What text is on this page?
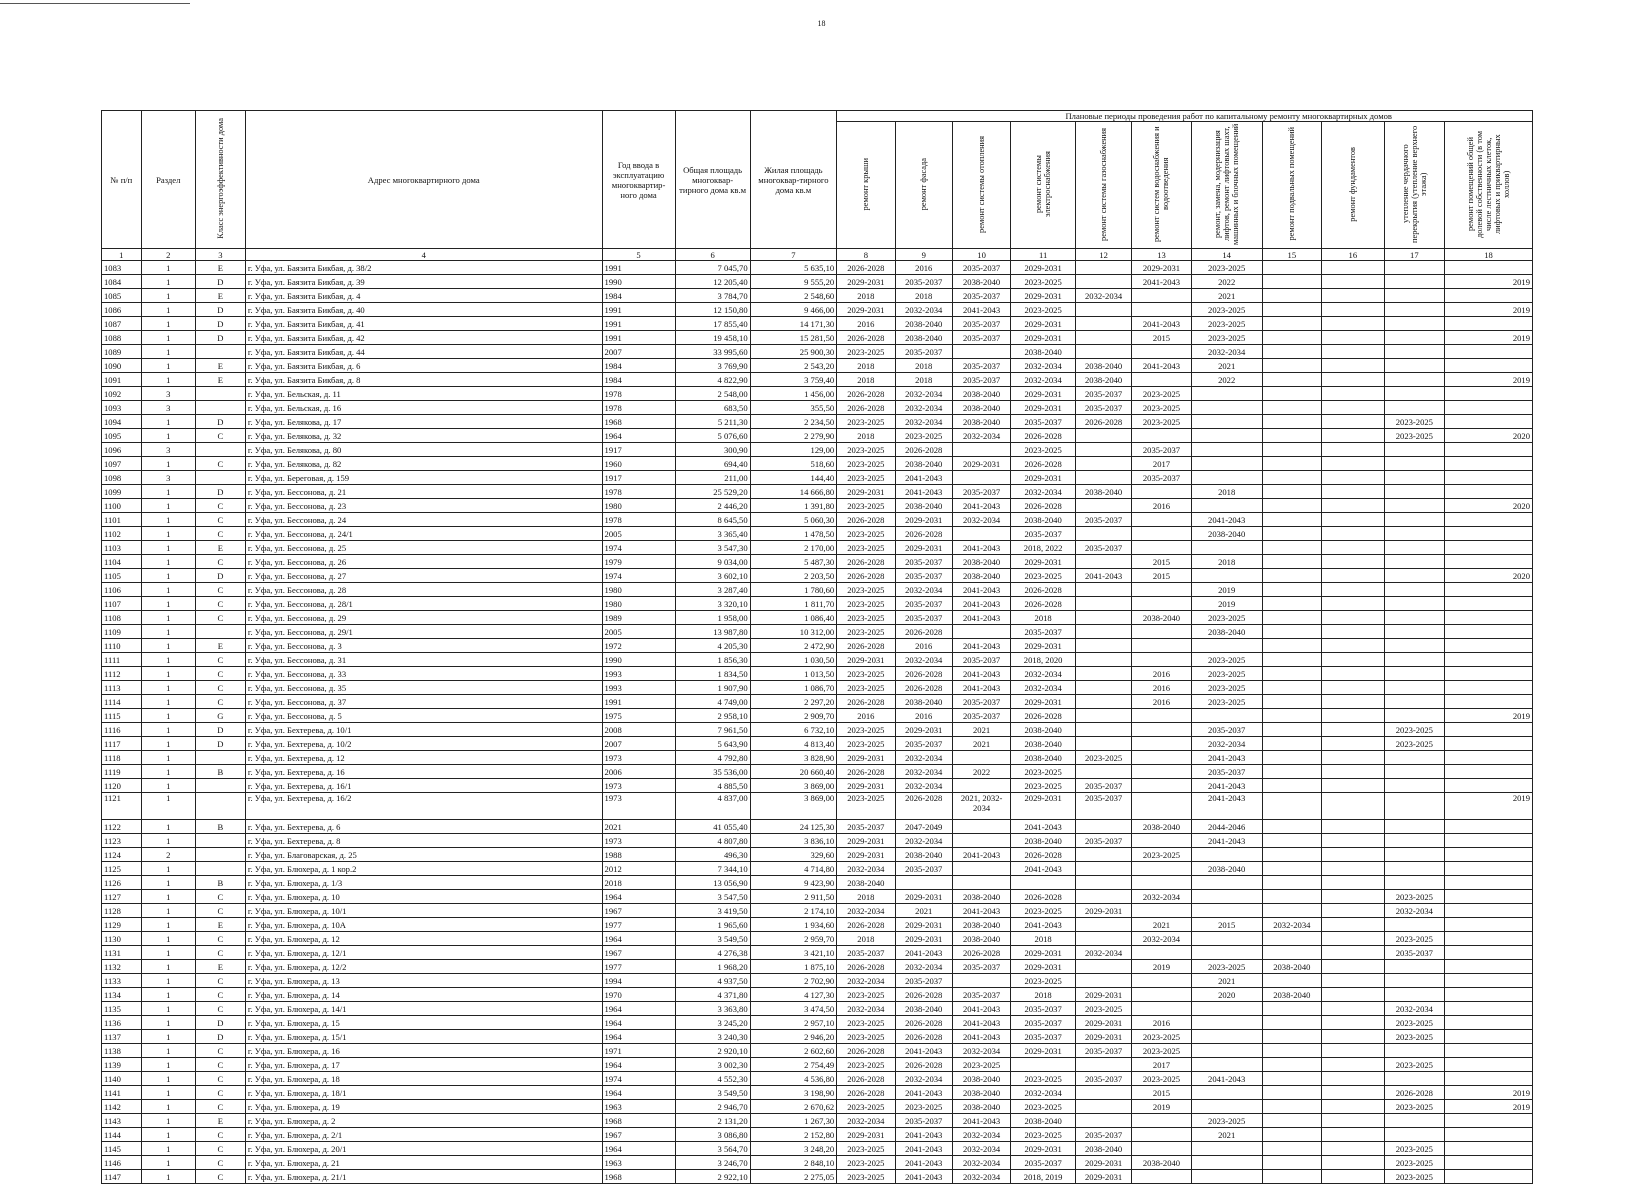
18
№ п/п	Раздел	Класс энергоэффективности дома	Адрес многоквартирного дома	Год ввода в эксплуатацию многоквартир-ного дома	Общая площадь многоквар-тирного дома кв.м	Жилая площадь многоквар-тирного дома кв.м	Плановые периоды проведения работ по капитальному ремонту многоквартирных домов										
							ремонт крыши	ремонт фасада	ремонт системы отопления	ремонт системы электроснабжения	ремонт системы газоснабжения	ремонт систем водоснабжения и водоотведения	ремонт, замена, модернизация лифтов, ремонт лифтовых шахт, машинных и блочных помещений	ремонт подвальных помещений	ремонт фундаментов	утепление чердачного перекрытия (утепление верхнего этажа)	ремонт помещений общей долевой собственности (в том числе лестничных клеток, лифтовых и приквартирных холлов)
1	2	3	4	5	6	7	8	9	10	11	12	13	14	15	16	17	18
1083	1	E	г. Уфа, ул. Баязита Бикбая, д. 38/2	1991	7 045,70	5 635,10	2026-2028	2016	2035-2037	2029-2031		2029-2031	2023-2025				
1084	1	D	г. Уфа, ул. Баязита Бикбая, д. 39	1990	12 205,40	9 555,20	2029-2031	2035-2037	2038-2040	2023-2025		2041-2043	2022				2019
1085	1	E	г. Уфа, ул. Баязита Бикбая, д. 4	1984	3 784,70	2 548,60	2018	2018	2035-2037	2029-2031	2032-2034		2021				
1086	1	D	г. Уфа, ул. Баязита Бикбая, д. 40	1991	12 150,80	9 466,00	2029-2031	2032-2034	2041-2043	2023-2025			2023-2025				2019
1087	1	D	г. Уфа, ул. Баязита Бикбая, д. 41	1991	17 855,40	14 171,30	2016	2038-2040	2035-2037	2029-2031		2041-2043	2023-2025				
1088	1	D	г. Уфа, ул. Баязита Бикбая, д. 42	1991	19 458,10	15 281,50	2026-2028	2038-2040	2035-2037	2029-2031		2015	2023-2025				2019
1089	1		г. Уфа, ул. Баязита Бикбая, д. 44	2007	33 995,60	25 900,30	2023-2025	2035-2037		2038-2040			2032-2034				
1090	1	E	г. Уфа, ул. Баязита Бикбая, д. 6	1984	3 769,90	2 543,20	2018	2018	2035-2037	2032-2034	2038-2040	2041-2043	2021				
1091	1	E	г. Уфа, ул. Баязита Бикбая, д. 8	1984	4 822,90	3 759,40	2018	2018	2035-2037	2032-2034	2038-2040		2022				2019
1092	3		г. Уфа, ул. Бельская, д. 11	1978	2 548,00	1 456,00	2026-2028	2032-2034	2038-2040	2029-2031	2035-2037	2023-2025					
1093	3		г. Уфа, ул. Бельская, д. 16	1978	683,50	355,50	2026-2028	2032-2034	2038-2040	2029-2031	2035-2037	2023-2025					
1094	1	D	г. Уфа, ул. Белякова, д. 17	1968	5 211,30	2 234,50	2023-2025	2032-2034	2038-2040	2035-2037	2026-2028	2023-2025				2023-2025	
1095	1	C	г. Уфа, ул. Белякова, д. 32	1964	5 076,60	2 279,90	2018	2023-2025	2032-2034	2026-2028						2023-2025	2020
1096	3		г. Уфа, ул. Белякова, д. 80	1917	300,90	129,00	2023-2025	2026-2028		2023-2025		2035-2037					
1097	1	C	г. Уфа, ул. Белякова, д. 82	1960	694,40	518,60	2023-2025	2038-2040	2029-2031	2026-2028		2017					
1098	3		г. Уфа, ул. Береговая, д. 159	1917	211,00	144,40	2023-2025	2041-2043		2029-2031		2035-2037					
1099	1	D	г. Уфа, ул. Бессонова, д. 21	1978	25 529,20	14 666,80	2029-2031	2041-2043	2035-2037	2032-2034	2038-2040		2018				
1100	1	C	г. Уфа, ул. Бессонова, д. 23	1980	2 446,20	1 391,80	2023-2025	2038-2040	2041-2043	2026-2028		2016					2020
1101	1	C	г. Уфа, ул. Бессонова, д. 24	1978	8 645,50	5 060,30	2026-2028	2029-2031	2032-2034	2038-2040	2035-2037		2041-2043				
1102	1	C	г. Уфа, ул. Бессонова, д. 24/1	2005	3 365,40	1 478,50	2023-2025	2026-2028		2035-2037			2038-2040				
1103	1	E	г. Уфа, ул. Бессонова, д. 25	1974	3 547,30	2 170,00	2023-2025	2029-2031	2041-2043	2018, 2022	2035-2037						
1104	1	C	г. Уфа, ул. Бессонова, д. 26	1979	9 034,00	5 487,30	2026-2028	2035-2037	2038-2040	2029-2031		2015	2018				
1105	1	D	г. Уфа, ул. Бессонова, д. 27	1974	3 602,10	2 203,50	2026-2028	2035-2037	2038-2040	2023-2025	2041-2043	2015					2020
1106	1	C	г. Уфа, ул. Бессонова, д. 28	1980	3 287,40	1 780,60	2023-2025	2032-2034	2041-2043	2026-2028			2019				
1107	1	C	г. Уфа, ул. Бессонова, д. 28/1	1980	3 320,10	1 811,70	2023-2025	2035-2037	2041-2043	2026-2028			2019				
1108	1	C	г. Уфа, ул. Бессонова, д. 29	1989	1 958,00	1 086,40	2023-2025	2035-2037	2041-2043	2018		2038-2040	2023-2025				
1109	1		г. Уфа, ул. Бессонова, д. 29/1	2005	13 987,80	10 312,00	2023-2025	2026-2028		2035-2037			2038-2040				
1110	1	E	г. Уфа, ул. Бессонова, д. 3	1972	4 205,30	2 472,90	2026-2028	2016	2041-2043	2029-2031							
1111	1	C	г. Уфа, ул. Бессонова, д. 31	1990	1 856,30	1 030,50	2029-2031	2032-2034	2035-2037	2018, 2020			2023-2025				
1112	1	C	г. Уфа, ул. Бессонова, д. 33	1993	1 834,50	1 013,50	2023-2025	2026-2028	2041-2043	2032-2034		2016	2023-2025				
1113	1	C	г. Уфа, ул. Бессонова, д. 35	1993	1 907,90	1 086,70	2023-2025	2026-2028	2041-2043	2032-2034		2016	2023-2025				
1114	1	C	г. Уфа, ул. Бессонова, д. 37	1991	4 749,00	2 297,20	2026-2028	2038-2040	2035-2037	2029-2031		2016	2023-2025				
1115	1	G	г. Уфа, ул. Бессонова, д. 5	1975	2 958,10	2 909,70	2016	2016	2035-2037	2026-2028							2019
1116	1	D	г. Уфа, ул. Бехтерева, д. 10/1	2008	7 961,50	6 732,10	2023-2025	2029-2031	2021	2038-2040			2035-2037			2023-2025	
1117	1	D	г. Уфа, ул. Бехтерева, д. 10/2	2007	5 643,90	4 813,40	2023-2025	2035-2037	2021	2038-2040			2032-2034			2023-2025	
1118	1		г. Уфа, ул. Бехтерева, д. 12	1973	4 792,80	3 828,90	2029-2031	2032-2034		2038-2040	2023-2025		2041-2043				
1119	1	B	г. Уфа, ул. Бехтерева, д. 16	2006	35 536,00	20 660,40	2026-2028	2032-2034	2022	2023-2025			2035-2037				
1120	1		г. Уфа, ул. Бехтерева, д. 16/1	1973	4 885,50	3 869,00	2029-2031	2032-2034		2023-2025	2035-2037		2041-2043				
1121	1		г. Уфа, ул. Бехтерева, д. 16/2	1973	4 837,00	3 869,00	2023-2025	2026-2028	2021, 2032-2034	2029-2031	2035-2037		2041-2043				2019
1122	1	B	г. Уфа, ул. Бехтерева, д. 6	2021	41 055,40	24 125,30	2035-2037	2047-2049		2041-2043		2038-2040	2044-2046				
1123	1		г. Уфа, ул. Бехтерева, д. 8	1973	4 807,80	3 836,10	2029-2031	2032-2034		2038-2040	2035-2037		2041-2043				
1124	2		г. Уфа, ул. Благоварская, д. 25	1988	496,30	329,60	2029-2031	2038-2040	2041-2043	2026-2028		2023-2025					
1125	1		г. Уфа, ул. Блюхера, д. 1 кор.2	2012	7 344,10	4 714,80	2032-2034	2035-2037		2041-2043			2038-2040				
1126	1	B	г. Уфа, ул. Блюхера, д. 1/3	2018	13 056,90	9 423,90	2038-2040										
1127	1	C	г. Уфа, ул. Блюхера, д. 10	1964	3 547,50	2 911,50	2018	2029-2031	2038-2040	2026-2028		2032-2034				2023-2025	
1128	1	C	г. Уфа, ул. Блюхера, д. 10/1	1967	3 419,50	2 174,10	2032-2034	2021	2041-2043	2023-2025	2029-2031					2032-2034	
1129	1	E	г. Уфа, ул. Блюхера, д. 10А	1977	1 965,60	1 934,60	2026-2028	2029-2031	2038-2040	2041-2043		2021	2015	2032-2034			
1130	1	C	г. Уфа, ул. Блюхера, д. 12	1964	3 549,50	2 959,70	2018	2029-2031	2038-2040	2018		2032-2034				2023-2025	
1131	1	C	г. Уфа, ул. Блюхера, д. 12/1	1967	4 276,38	3 421,10	2035-2037	2041-2043	2026-2028	2029-2031	2032-2034					2035-2037	
1132	1	E	г. Уфа, ул. Блюхера, д. 12/2	1977	1 968,20	1 875,10	2026-2028	2032-2034	2035-2037	2029-2031		2019	2023-2025	2038-2040			
1133	1	C	г. Уфа, ул. Блюхера, д. 13	1994	4 937,50	2 702,90	2032-2034	2035-2037		2023-2025			2021				
1134	1	C	г. Уфа, ул. Блюхера, д. 14	1970	4 371,80	4 127,30	2023-2025	2026-2028	2035-2037	2018	2029-2031		2020	2038-2040			
1135	1	C	г. Уфа, ул. Блюхера, д. 14/1	1964	3 363,80	3 474,50	2032-2034	2038-2040	2041-2043	2035-2037	2023-2025					2032-2034	
1136	1	D	г. Уфа, ул. Блюхера, д. 15	1964	3 245,20	2 957,10	2023-2025	2026-2028	2041-2043	2035-2037	2029-2031	2016				2023-2025	
1137	1	D	г. Уфа, ул. Блюхера, д. 15/1	1964	3 240,30	2 946,20	2023-2025	2026-2028	2041-2043	2035-2037	2029-2031	2023-2025				2023-2025	
1138	1	C	г. Уфа, ул. Блюхера, д. 16	1971	2 920,10	2 602,60	2026-2028	2041-2043	2032-2034	2029-2031	2035-2037	2023-2025					
1139	1	C	г. Уфа, ул. Блюхера, д. 17	1964	3 002,30	2 754,49	2023-2025	2026-2028	2023-2025			2017				2023-2025	
1140	1	C	г. Уфа, ул. Блюхера, д. 18	1974	4 552,30	4 536,80	2026-2028	2032-2034	2038-2040	2023-2025	2035-2037	2023-2025	2041-2043				
1141	1	C	г. Уфа, ул. Блюхера, д. 18/1	1964	3 549,50	3 198,90	2026-2028	2041-2043	2038-2040	2032-2034		2015				2026-2028	2019
1142	1	C	г. Уфа, ул. Блюхера, д. 19	1963	2 946,70	2 670,62	2023-2025	2023-2025	2038-2040	2023-2025		2019				2023-2025	2019
1143	1	E	г. Уфа, ул. Блюхера, д. 2	1968	2 131,20	1 267,30	2032-2034	2035-2037	2041-2043	2038-2040			2023-2025				
1144	1	C	г. Уфа, ул. Блюхера, д. 2/1	1967	3 086,80	2 152,80	2029-2031	2041-2043	2032-2034	2023-2025	2035-2037		2021				
1145	1	C	г. Уфа, ул. Блюхера, д. 20/1	1964	3 564,70	3 248,20	2023-2025	2041-2043	2032-2034	2029-2031	2038-2040					2023-2025	
1146	1	C	г. Уфа, ул. Блюхера, д. 21	1963	3 246,70	2 848,10	2023-2025	2041-2043	2032-2034	2035-2037	2029-2031	2038-2040				2023-2025	
1147	1	C	г. Уфа, ул. Блюхера, д. 21/1	1968	2 922,10	2 275,05	2023-2025	2041-2043	2032-2034	2018, 2019	2029-2031					2023-2025	
